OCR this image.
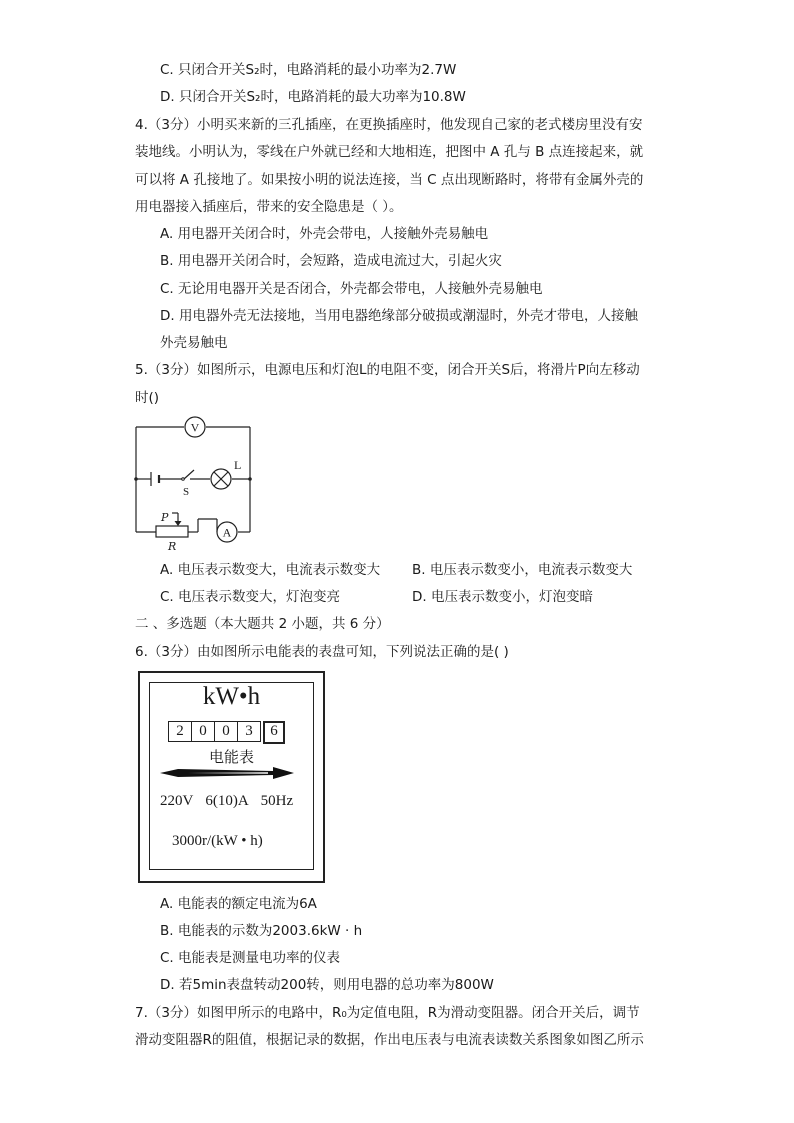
C. 只闭合开关S₂时，电路消耗的最小功率为2.7W
D. 只闭合开关S₂时，电路消耗的最大功率为10.8W
4.（3分）小明买来新的三孔插座，在更换插座时，他发现自己家的老式楼房里没有安
装地线。小明认为，零线在户外就已经和大地相连，把图中 A 孔与 B 点连接起来，就
可以将 A 孔接地了。如果按小明的说法连接，当 C 点出现断路时，将带有金属外壳的
用电器接入插座后，带来的安全隐患是（ ）。
A. 用电器开关闭合时，外壳会带电，人接触外壳易触电
B. 用电器开关闭合时，会短路，造成电流过大，引起火灾
C. 无论用电器开关是否闭合，外壳都会带电，人接触外壳易触电
D. 用电器外壳无法接地，当用电器绝缘部分破损或潮湿时，外壳才带电，人接触
外壳易触电
5.（3分）如图所示，电源电压和灯泡L的电阻不变，闭合开关S后，将滑片P向左移动
时()
V
S
L
P
R
A
A. 电压表示数变大，电流表示数变大 B. 电压表示数变小，电流表示数变大
C. 电压表示数变大，灯泡变亮	D. 电压表示数变小，灯泡变暗
二 、多选题（本大题共 2 小题，共 6 分）
6.（3分）由如图所示电能表的表盘可知，下列说法正确的是( )
kW•h
2	0	0	3	6
电能表
220V 6(10)A 50Hz
3000r/(kW • h)
A. 电能表的额定电流为6A
B. 电能表的示数为2003.6kW · h
C. 电能表是测量电功率的仪表
D. 若5min表盘转动200转，则用电器的总功率为800W
7.（3分）如图甲所示的电路中，R₀为定值电阻，R为滑动变阻器。闭合开关后，调节
滑动变阻器R的阻值，根据记录的数据，作出电压表与电流表读数关系图象如图乙所示
